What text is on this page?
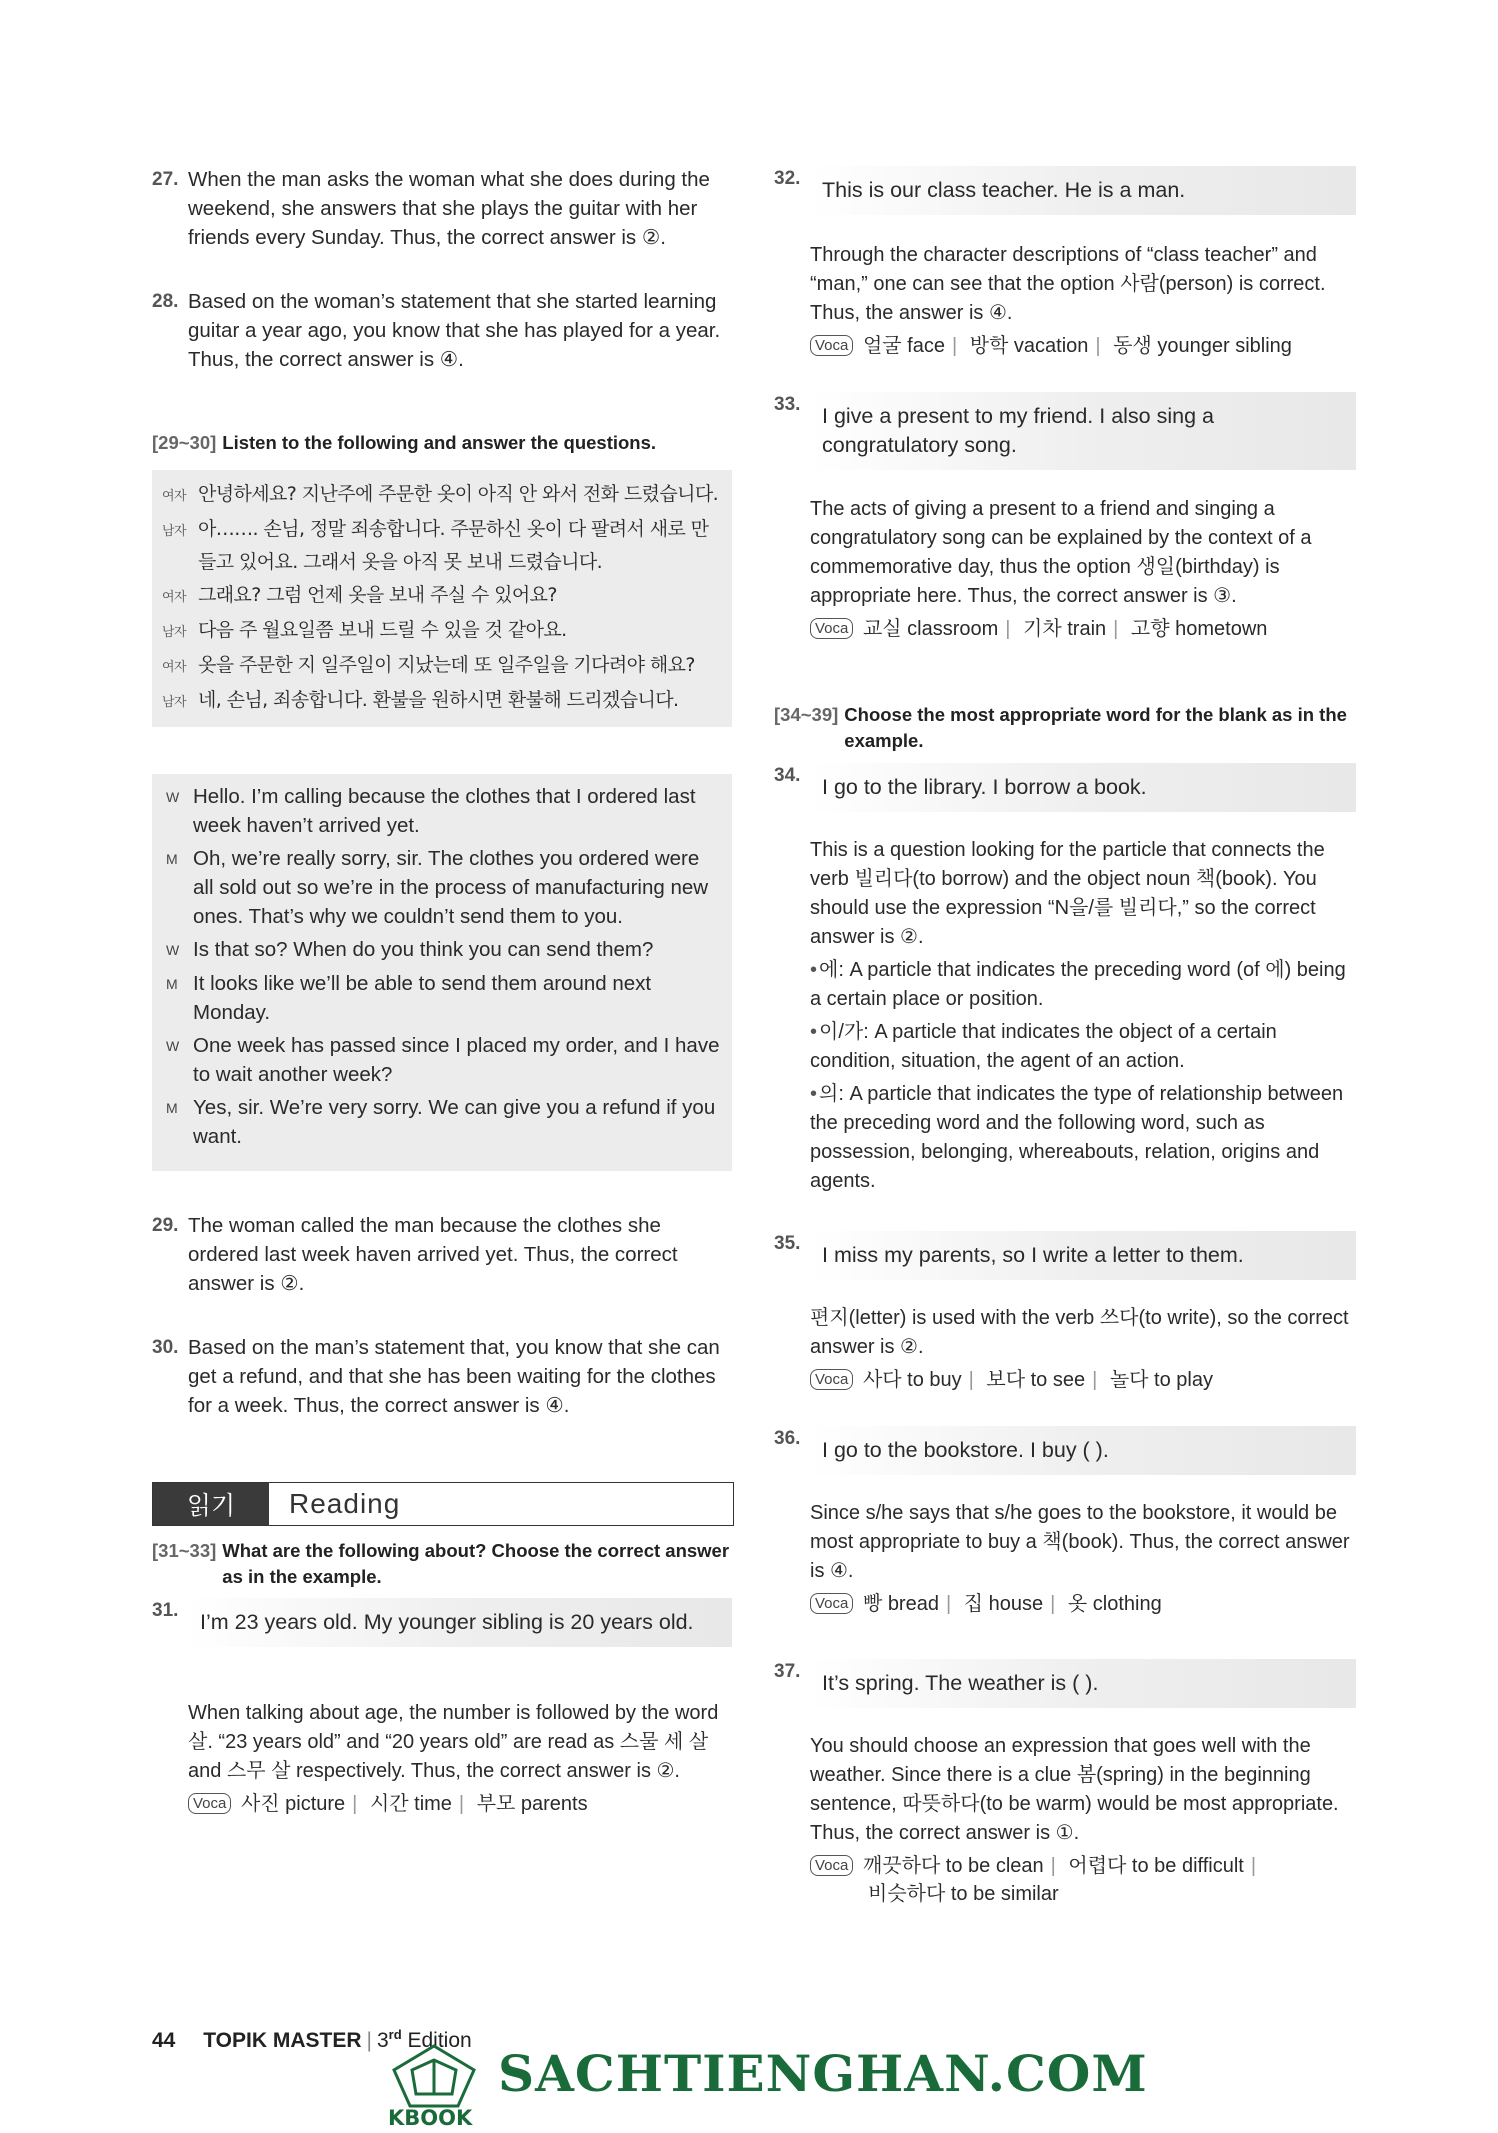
27. When the man asks the woman what she does during the weekend, she answers that she plays the guitar with her friends every Sunday. Thus, the correct answer is ②.
28. Based on the woman’s statement that she started learning guitar a year ago, you know that she has played for a year. Thus, the correct answer is ④.
[29~30] Listen to the following and answer the questions.
여자 안녕하세요? 지난주에 주문한 옷이 아직 안 와서 전화 드렸습니다.
남자 아……. 손님, 정말 죄송합니다. 주문하신 옷이 다 팔려서 새로 만들고 있어요. 그래서 옷을 아직 못 보내 드렸습니다.
여자 그래요? 그럼 언제 옷을 보내 주실 수 있어요?
남자 다음 주 월요일쯤 보내 드릴 수 있을 것 같아요.
여자 옷을 주문한 지 일주일이 지났는데 또 일주일을 기다려야 해요?
남자 네, 손님, 죄송합니다. 환불을 원하시면 환불해 드리겠습니다.
W Hello. I’m calling because the clothes that I ordered last week haven’t arrived yet.
M Oh, we’re really sorry, sir. The clothes you ordered were all sold out so we’re in the process of manufacturing new ones. That’s why we couldn’t send them to you.
W Is that so? When do you think you can send them?
M It looks like we’ll be able to send them around next Monday.
W One week has passed since I placed my order, and I have to wait another week?
M Yes, sir. We’re very sorry. We can give you a refund if you want.
29. The woman called the man because the clothes she ordered last week haven arrived yet. Thus, the correct answer is ②.
30. Based on the man’s statement that, you know that she can get a refund, and that she has been waiting for the clothes for a week. Thus, the correct answer is ④.
읽기	Reading
[31~33] What are the following about? Choose the correct answer as in the example.
31.	I’m 23 years old. My younger sibling is 20 years old.
When talking about age, the number is followed by the word 살. “23 years old” and “20 years old” are read as 스물 세 살 and 스무 살 respectively. Thus, the correct answer is ②.
Voca 사진 picture | 시간 time | 부모 parents
32.	This is our class teacher. He is a man.
Through the character descriptions of “class teacher” and “man,” one can see that the option 사람(person) is correct. Thus, the answer is ④.
Voca 얼굴 face | 방학 vacation | 동생 younger sibling
33.	I give a present to my friend. I also sing a congratulatory song.
The acts of giving a present to a friend and singing a congratulatory song can be explained by the context of a commemorative day, thus the option 생일(birthday) is appropriate here. Thus, the correct answer is ③.
Voca 교실 classroom | 기차 train | 고향 hometown
[34~39] Choose the most appropriate word for the blank as in the example.
34.	I go to the library. I borrow a book.
This is a question looking for the particle that connects the verb 빌리다(to borrow) and the object noun 책(book). You should use the expression “N을/를 빌리다,” so the correct answer is ②.
• 에: A particle that indicates the preceding word (of 에) being a certain place or position.
• 이/가: A particle that indicates the object of a certain condition, situation, the agent of an action.
• 의: A particle that indicates the type of relationship between the preceding word and the following word, such as possession, belonging, whereabouts, relation, origins and agents.
35.	I miss my parents, so I write a letter to them.
편지(letter) is used with the verb 쓰다(to write), so the correct answer is ②.
Voca 사다 to buy | 보다 to see | 놀다 to play
36.	I go to the bookstore. I buy ( ).
Since s/he says that s/he goes to the bookstore, it would be most appropriate to buy a 책(book). Thus, the correct answer is ④.
Voca 빵 bread | 집 house | 옷 clothing
37.	It’s spring. The weather is ( ).
You should choose an expression that goes well with the weather. Since there is a clue 봄(spring) in the beginning sentence, 따뜻하다(to be warm) would be most appropriate. Thus, the correct answer is ①.
Voca 깨끗하다 to be clean | 어렵다 to be difficult |
비슷하다 to be similar
44 TOPIK MASTER | 3rd Edition
KBOOK
SACHTIENGHAN.COM
